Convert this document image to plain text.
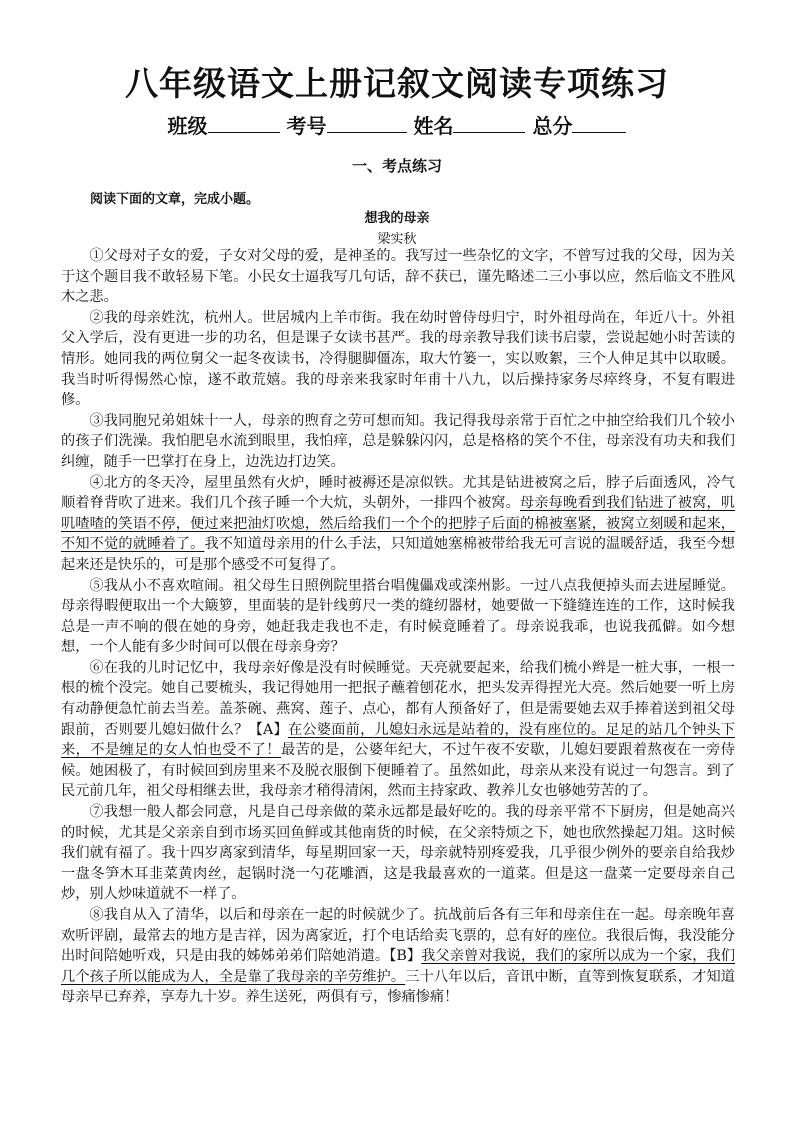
八年级语文上册记叙文阅读专项练习
班级	考号	姓名	总分
一、考点练习
阅读下面的文章，完成小题。
想我的母亲
梁实秋

①父母对子女的爱，子女对父母的爱，是神圣的。我写过一些杂忆的文字，不曾写过我的父母，因为关于这个题目我不敢轻易下笔。小民女士逼我写几句话，辞不获已，谨先略述二三小事以应，然后临文不胜风木之悲。

②我的母亲姓沈，杭州人。世居城内上羊市街。我在幼时曾侍母归宁，时外祖母尚在，年近八十。外祖父入学后，没有更进一步的功名，但是课子女读书甚严。我的母亲教导我们读书启蒙，尝说起她小时苦读的情形。她同我的两位舅父一起冬夜读书，冷得腿脚僵冻，取大竹篓一，实以败絮，三个人伸足其中以取暖。我当时听得惕然心惊，遂不敢荒嬉。我的母亲来我家时年甫十八九，以后操持家务尽瘁终身，不复有暇进修。

③我同胞兄弟姐妹十一人，母亲的煦育之劳可想而知。我记得我母亲常于百忙之中抽空给我们几个较小的孩子们洗澡。我怕肥皂水流到眼里，我怕痒，总是躲躲闪闪，总是格格的笑个不住，母亲没有功夫和我们纠缠，随手一巴掌打在身上，边洗边打边笑。

④北方的冬天冷，屋里虽然有火炉，睡时被褥还是凉似铁。尤其是钻进被窝之后，脖子后面透风，冷气顺着脊背吹了进来。我们几个孩子睡一个大炕，头朝外，一排四个被窝。母亲每晚看到我们钻进了被窝，叽叽喳喳的笑语不停，便过来把油灯吹熄，然后给我们一个个的把脖子后面的棉被塞紧，被窝立刻暖和起来，不知不觉的就睡着了。我不知道母亲用的什么手法，只知道她塞棉被带给我无可言说的温暖舒适，我至今想起来还是快乐的，可是那个感受不可复得了。

⑤我从小不喜欢喧闹。祖父母生日照例院里搭台唱傀儡戏或滦州影。一过八点我便掉头而去进屋睡觉。母亲得暇便取出一个大簸箩，里面装的是针线剪尺一类的缝纫器材，她要做一下缝缝连连的工作，这时候我总是一声不响的偎在她的身旁，她赶我走我也不走，有时候竟睡着了。母亲说我乖，也说我孤僻。如今想想，一个人能有多少时间可以偎在母亲身旁？

⑥在我的儿时记忆中，我母亲好像是没有时候睡觉。天亮就要起来，给我们梳小辫是一桩大事，一根一根的梳个没完。她自己要梳头，我记得她用一把抿子蘸着刨花水，把头发弄得捏光大亮。然后她要一听上房有动静便急忙前去当差。盖茶碗、燕窝、莲子、点心，都有人预备好了，但是需要她去双手捧着送到祖父母跟前，否则要儿媳妇做什么？【A】在公婆面前，儿媳妇永远是站着的，没有座位的。足足的站几个钟头下来，不是缠足的女人怕也受不了！最苦的是，公婆年纪大，不过午夜不安歇，儿媳妇要跟着熬夜在一旁侍候。她困极了，有时候回到房里来不及脱衣服倒下便睡着了。虽然如此，母亲从来没有说过一句怨言。到了民元前几年，祖父母相继去世，我母亲才稍得清闲，然而主持家政、教养儿女也够她劳苦的了。

⑦我想一般人都会同意，凡是自己母亲做的菜永远都是最好吃的。我的母亲平常不下厨房，但是她高兴的时候，尤其是父亲亲自到市场买回鱼鲜或其他南货的时候，在父亲特烦之下，她也欣然操起刀俎。这时候我们就有福了。我十四岁离家到清华，每星期回家一天，母亲就特别疼爱我，几乎很少例外的要亲自给我炒一盘冬笋木耳韭菜黄肉丝，起锅时浇一勺花雕酒，这是我最喜欢的一道菜。但是这一盘菜一定要母亲自己炒，别人炒味道就不一样了。

⑧我自从入了清华，以后和母亲在一起的时候就少了。抗战前后各有三年和母亲住在一起。母亲晚年喜欢听评剧，最常去的地方是吉祥，因为离家近，打个电话给卖飞票的，总有好的座位。我很后悔，我没能分出时间陪她听戏，只是由我的姊姊弟弟们陪她消遣。【B】我父亲曾对我说，我们的家所以成为一个家，我们几个孩子所以能成为人，全是靠了我母亲的辛劳维护。三十八年以后，音讯中断，直等到恢复联系，才知道母亲早已弃养，享寿九十岁。养生送死，两俱有亏，惨痛惨痛！
